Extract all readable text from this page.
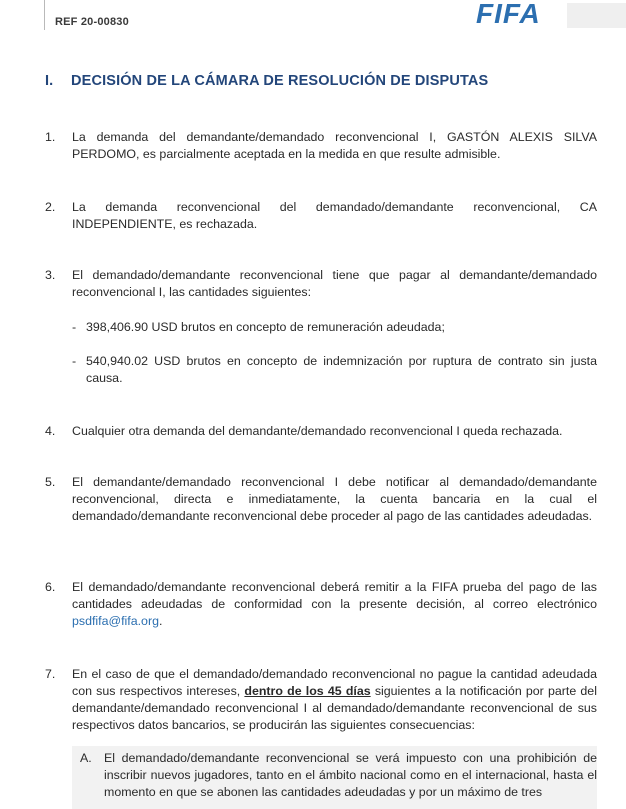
REF 20-00830	FIFA
I. DECISIÓN DE LA CÁMARA DE RESOLUCIÓN DE DISPUTAS
1.	La demanda del demandante/demandado reconvencional I, GASTÓN ALEXIS SILVA PERDOMO, es parcialmente aceptada en la medida en que resulte admisible.
2.	La demanda reconvencional del demandado/demandante reconvencional, CA INDEPENDIENTE, es rechazada.
3.	El demandado/demandante reconvencional tiene que pagar al demandante/demandado reconvencional I, las cantidades siguientes:
- 398,406.90 USD brutos en concepto de remuneración adeudada;
- 540,940.02 USD brutos en concepto de indemnización por ruptura de contrato sin justa causa.
4.	Cualquier otra demanda del demandante/demandado reconvencional I queda rechazada.
5.	El demandante/demandado reconvencional I debe notificar al demandado/demandante reconvencional, directa e inmediatamente, la cuenta bancaria en la cual el demandado/demandante reconvencional debe proceder al pago de las cantidades adeudadas.
6.	El demandado/demandante reconvencional deberá remitir a la FIFA prueba del pago de las cantidades adeudadas de conformidad con la presente decisión, al correo electrónico psdfifa@fifa.org.
7.	En el caso de que el demandado/demandado reconvencional no pague la cantidad adeudada con sus respectivos intereses, dentro de los 45 días siguientes a la notificación por parte del demandante/demandado reconvencional I al demandado/demandante reconvencional de sus respectivos datos bancarios, se producirán las siguientes consecuencias:
A. El demandado/demandante reconvencional se verá impuesto con una prohibición de inscribir nuevos jugadores, tanto en el ámbito nacional como en el internacional, hasta el momento en que se abonen las cantidades adeudadas y por un máximo de tres
